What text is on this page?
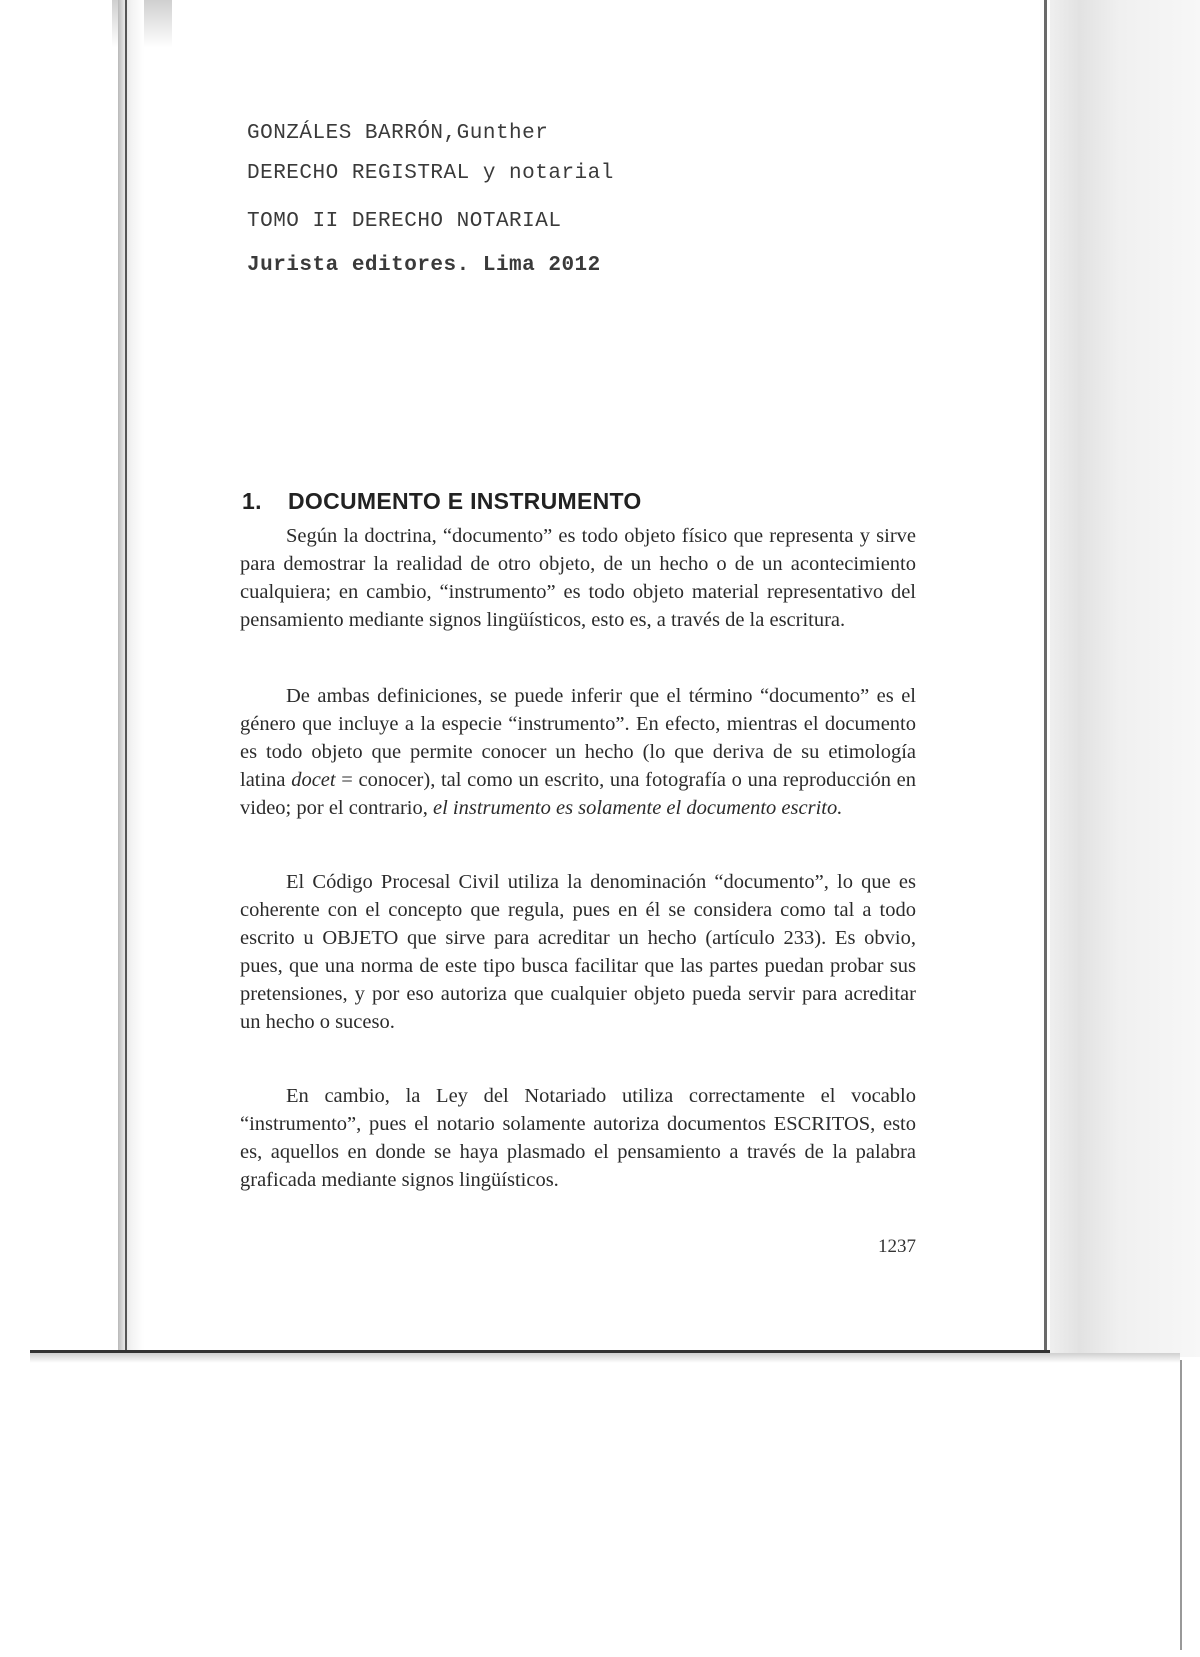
GONZÁLES BARRÓN,Gunther
DERECHO REGISTRAL y notarial
TOMO II DERECHO NOTARIAL
Jurista editores. Lima 2012
1. DOCUMENTO E INSTRUMENTO

Según la doctrina, “documento” es todo objeto físico que representa y sirve para demostrar la realidad de otro objeto, de un hecho o de un acontecimiento cualquiera; en cambio, “instrumento” es todo objeto material representativo del pensamiento mediante signos lingüísticos, esto es, a través de la escritura.

De ambas definiciones, se puede inferir que el término “documento” es el género que incluye a la especie “instrumento”. En efecto, mientras el documento es todo objeto que permite conocer un hecho (lo que deriva de su etimología latina docet = conocer), tal como un escrito, una fotografía o una reproducción en video; por el contrario, el instrumento es solamente el documento escrito.

El Código Procesal Civil utiliza la denominación “documento”, lo que es coherente con el concepto que regula, pues en él se considera como tal a todo escrito u OBJETO que sirve para acreditar un hecho (artículo 233). Es obvio, pues, que una norma de este tipo busca facilitar que las partes puedan probar sus pretensiones, y por eso autoriza que cualquier objeto pueda servir para acreditar un hecho o suceso.

En cambio, la Ley del Notariado utiliza correctamente el vocablo “instrumento”, pues el notario solamente autoriza documentos ESCRITOS, esto es, aquellos en donde se haya plasmado el pensamiento a través de la palabra graficada mediante signos lingüísticos.

1237
